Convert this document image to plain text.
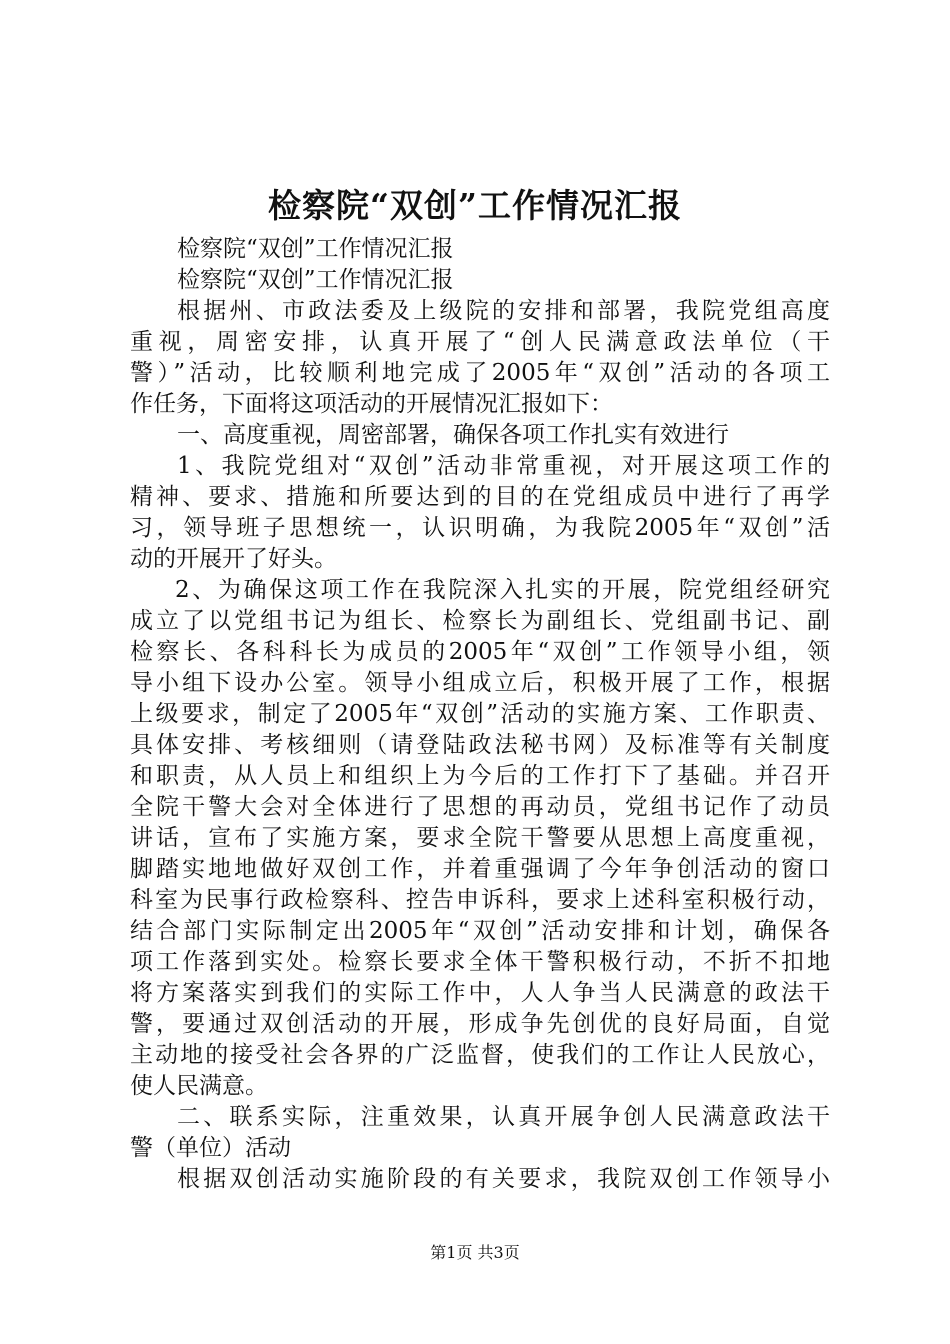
检察院“双创”工作情况汇报

检察院“双创”工作情况汇报

检察院“双创”工作情况汇报

根据州、市政法委及上级院的安排和部署，我院党组高度

重视，周密安排，认真开展了“创人民满意政法单位（干

警）”活动，比较顺利地完成了2005年“双创”活动的各项工

作任务，下面将这项活动的开展情况汇报如下：

一、高度重视，周密部署，确保各项工作扎实有效进行

1、我院党组对“双创”活动非常重视，对开展这项工作的

精神、要求、措施和所要达到的目的在党组成员中进行了再学

习，领导班子思想统一，认识明确，为我院2005年“双创”活

动的开展开了好头。

2、为确保这项工作在我院深入扎实的开展，院党组经研究

成立了以党组书记为组长、检察长为副组长、党组副书记、副

检察长、各科科长为成员的2005年“双创”工作领导小组，领

导小组下设办公室。领导小组成立后，积极开展了工作，根据

上级要求，制定了2005年“双创”活动的实施方案、工作职责、

具体安排、考核细则（请登陆政法秘书网）及标准等有关制度

和职责，从人员上和组织上为今后的工作打下了基础。并召开

全院干警大会对全体进行了思想的再动员，党组书记作了动员

讲话，宣布了实施方案，要求全院干警要从思想上高度重视，

脚踏实地地做好双创工作，并着重强调了今年争创活动的窗口

科室为民事行政检察科、控告申诉科，要求上述科室积极行动，

结合部门实际制定出2005年“双创”活动安排和计划，确保各

项工作落到实处。检察长要求全体干警积极行动，不折不扣地

将方案落实到我们的实际工作中，人人争当人民满意的政法干

警，要通过双创活动的开展，形成争先创优的良好局面，自觉

主动地的接受社会各界的广泛监督，使我们的工作让人民放心，

使人民满意。

二、联系实际，注重效果，认真开展争创人民满意政法干

警（单位）活动

根据双创活动实施阶段的有关要求，我院双创工作领导小

第1页 共3页
